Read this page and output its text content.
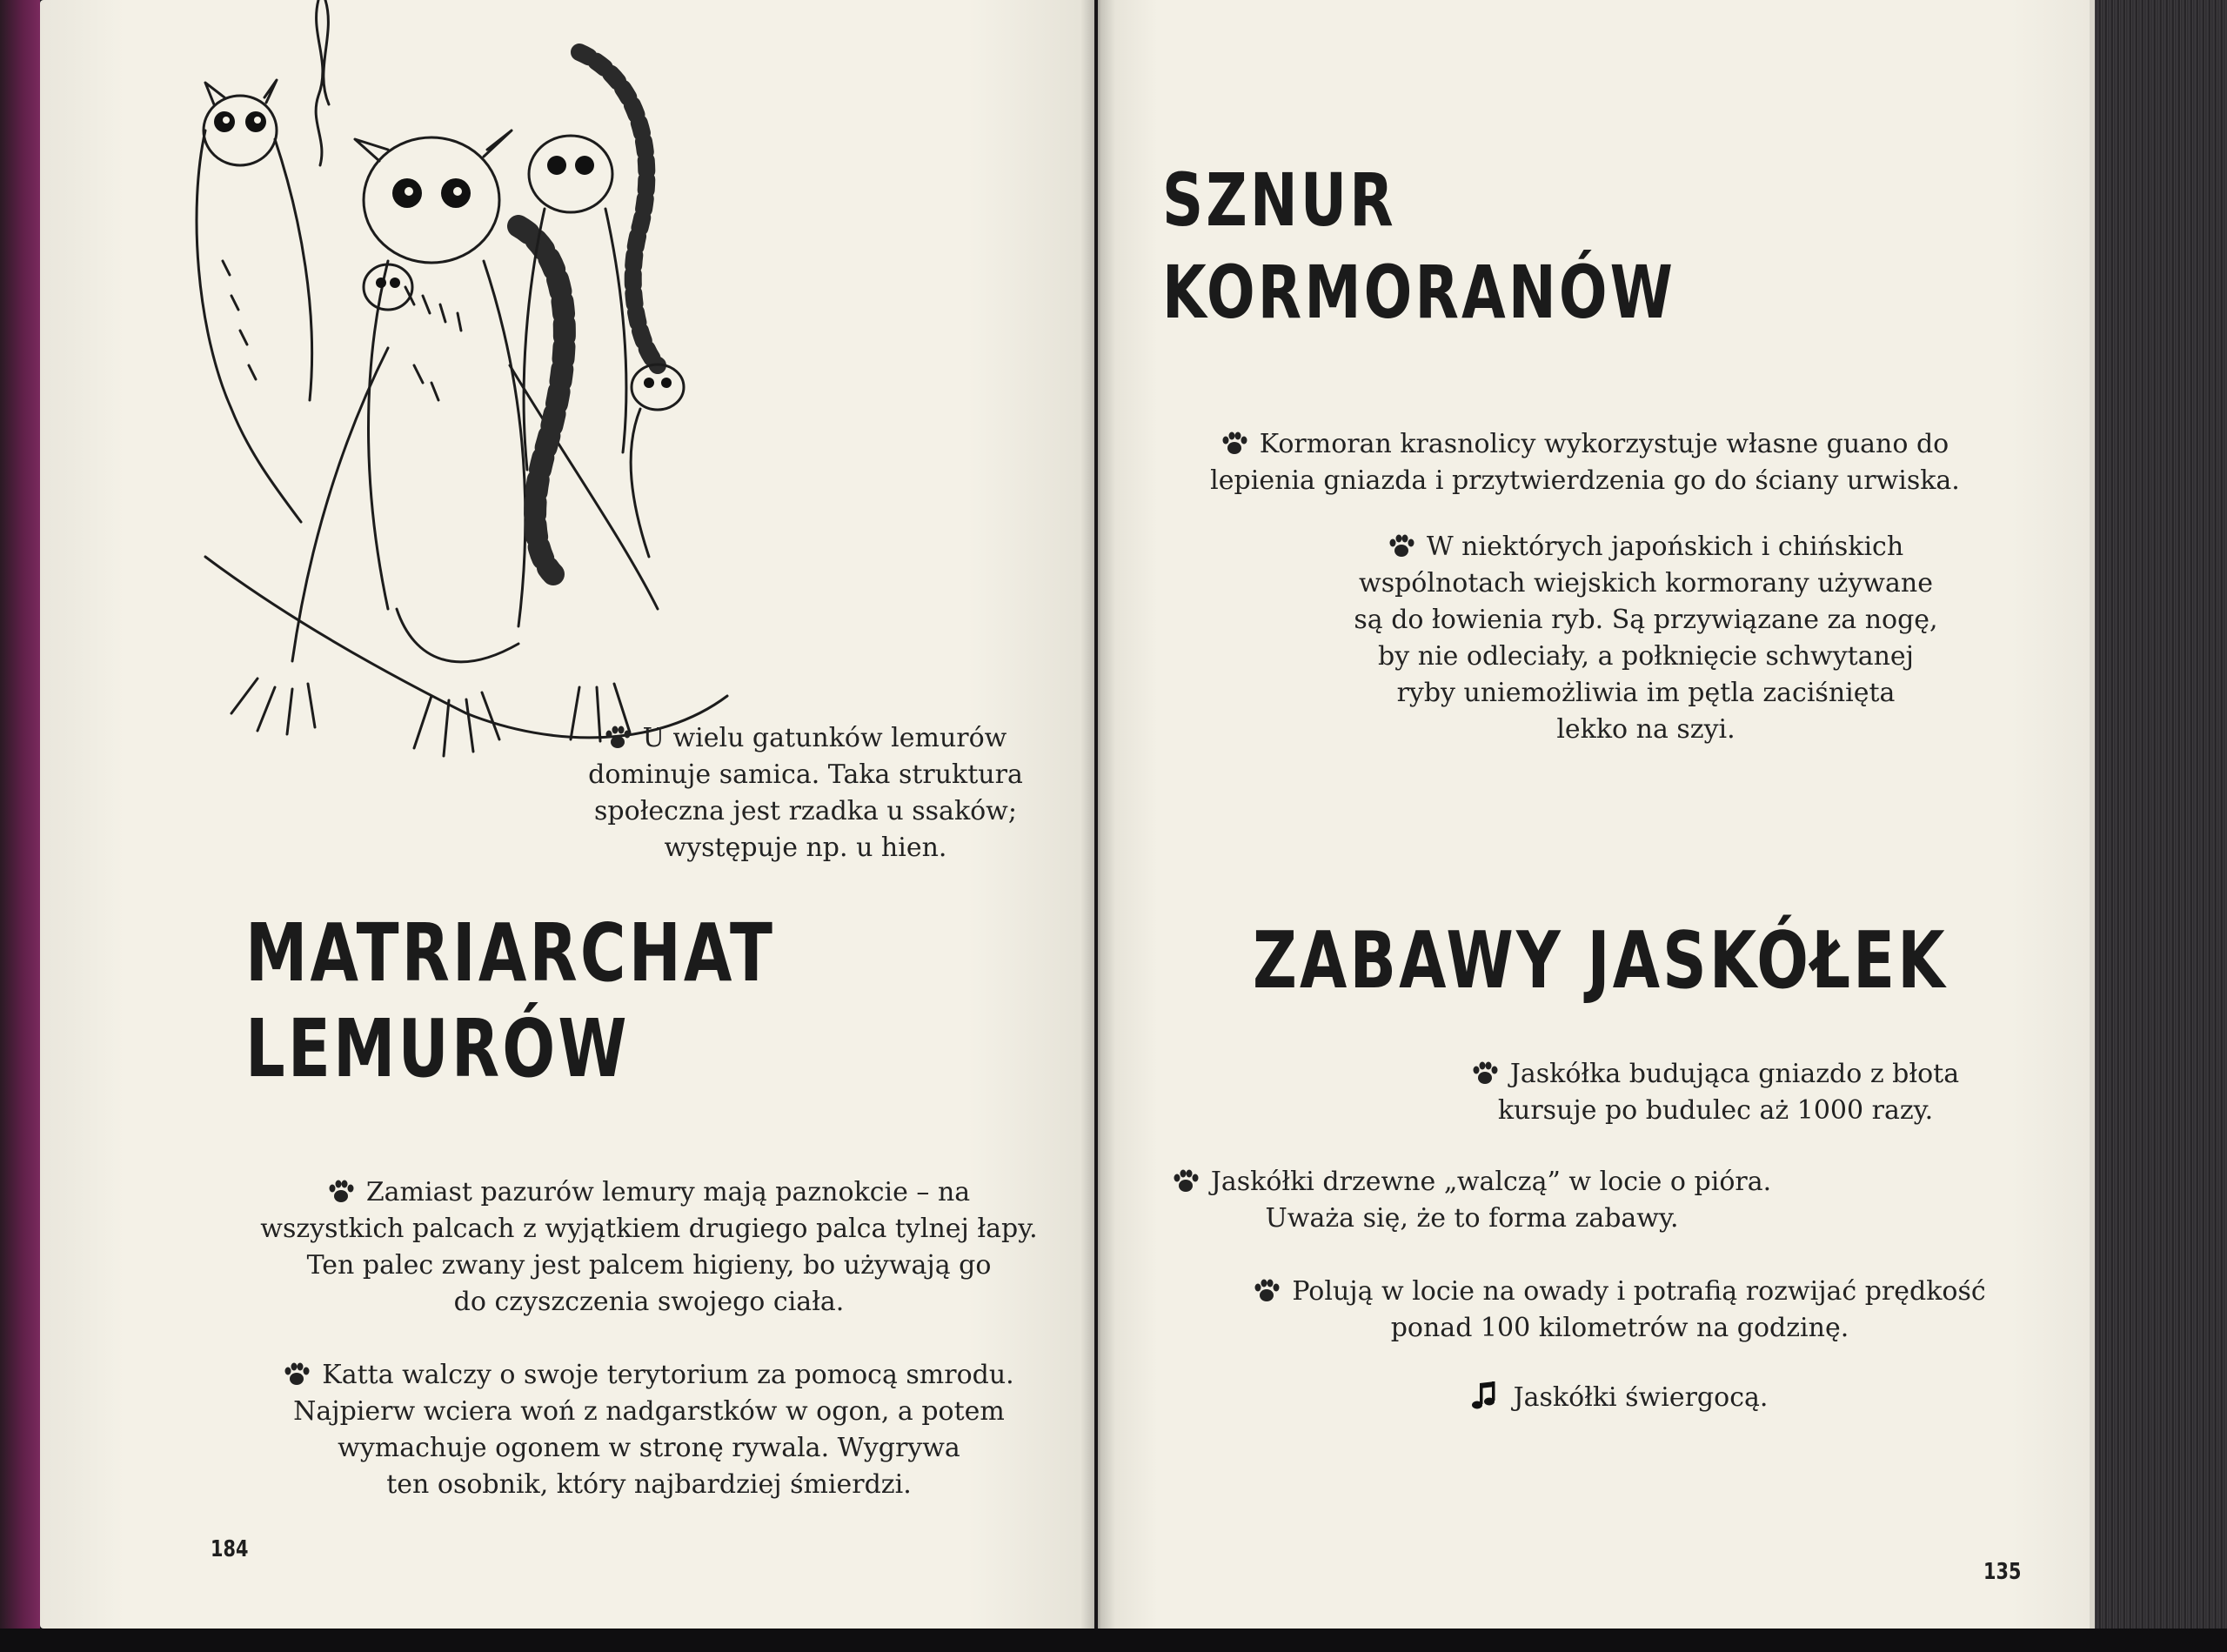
U wielu gatunków lemurów
dominuje samica. Taka struktura
społeczna jest rzadka u ssaków;
występuje np. u hien.
MATRIARCHAT
LEMURÓW
Zamiast pazurów lemury mają paznokcie – na
wszystkich palcach z wyjątkiem drugiego palca tylnej łapy.
Ten palec zwany jest palcem higieny, bo używają go
do czyszczenia swojego ciała.
Katta walczy o swoje terytorium za pomocą smrodu.
Najpierw wciera woń z nadgarstków w ogon, a potem
wymachuje ogonem w stronę rywala. Wygrywa
ten osobnik, który najbardziej śmierdzi.
184
SZNUR
KORMORANÓW
Kormoran krasnolicy wykorzystuje własne guano do
lepienia gniazda i przytwierdzenia go do ściany urwiska.
W niektórych japońskich i chińskich
wspólnotach wiejskich kormorany używane
są do łowienia ryb. Są przywiązane za nogę,
by nie odleciały, a połknięcie schwytanej
ryby uniemożliwia im pętla zaciśnięta
lekko na szyi.
ZABAWY JASKÓŁEK
Jaskółka budująca gniazdo z błota
kursuje po budulec aż 1000 razy.
Jaskółki drzewne „walczą” w locie o pióra.
Uważa się, że to forma zabawy.
Polują w locie na owady i potrafią rozwijać prędkość
ponad 100 kilometrów na godzinę.
Jaskółki świergocą.
135
